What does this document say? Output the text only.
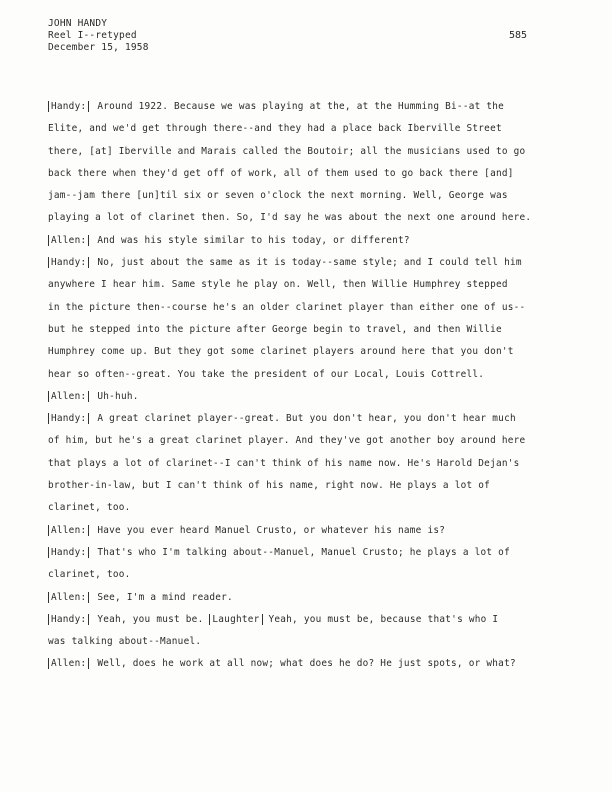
JOHN HANDY
Reel I--retyped
December 15, 1958
585
Handy: Around 1922. Because we was playing at the, at the Humming Bi--at the
Elite, and we'd get through there--and they had a place back Iberville Street
there, [at] Iberville and Marais called the Boutoir; all the musicians used to go
back there when they'd get off of work, all of them used to go back there [and]
jam--jam there [un]til six or seven o'clock the next morning. Well, George was
playing a lot of clarinet then. So, I'd say he was about the next one around here.
Allen: And was his style similar to his today, or different?
Handy: No, just about the same as it is today--same style; and I could tell him
anywhere I hear him. Same style he play on. Well, then Willie Humphrey stepped
in the picture then--course he's an older clarinet player than either one of us--
but he stepped into the picture after George begin to travel, and then Willie
Humphrey come up. But they got some clarinet players around here that you don't
hear so often--great. You take the president of our Local, Louis Cottrell.
Allen: Uh-huh.
Handy: A great clarinet player--great. But you don't hear, you don't hear much
of him, but he's a great clarinet player. And they've got another boy around here
that plays a lot of clarinet--I can't think of his name now. He's Harold Dejan's
brother-in-law, but I can't think of his name, right now. He plays a lot of
clarinet, too.
Allen: Have you ever heard Manuel Crusto, or whatever his name is?
Handy: That's who I'm talking about--Manuel, Manuel Crusto; he plays a lot of
clarinet, too.
Allen: See, I'm a mind reader.
Handy: Yeah, you must be. Laughter Yeah, you must be, because that's who I
was talking about--Manuel.
Allen: Well, does he work at all now; what does he do? He just spots, or what?
